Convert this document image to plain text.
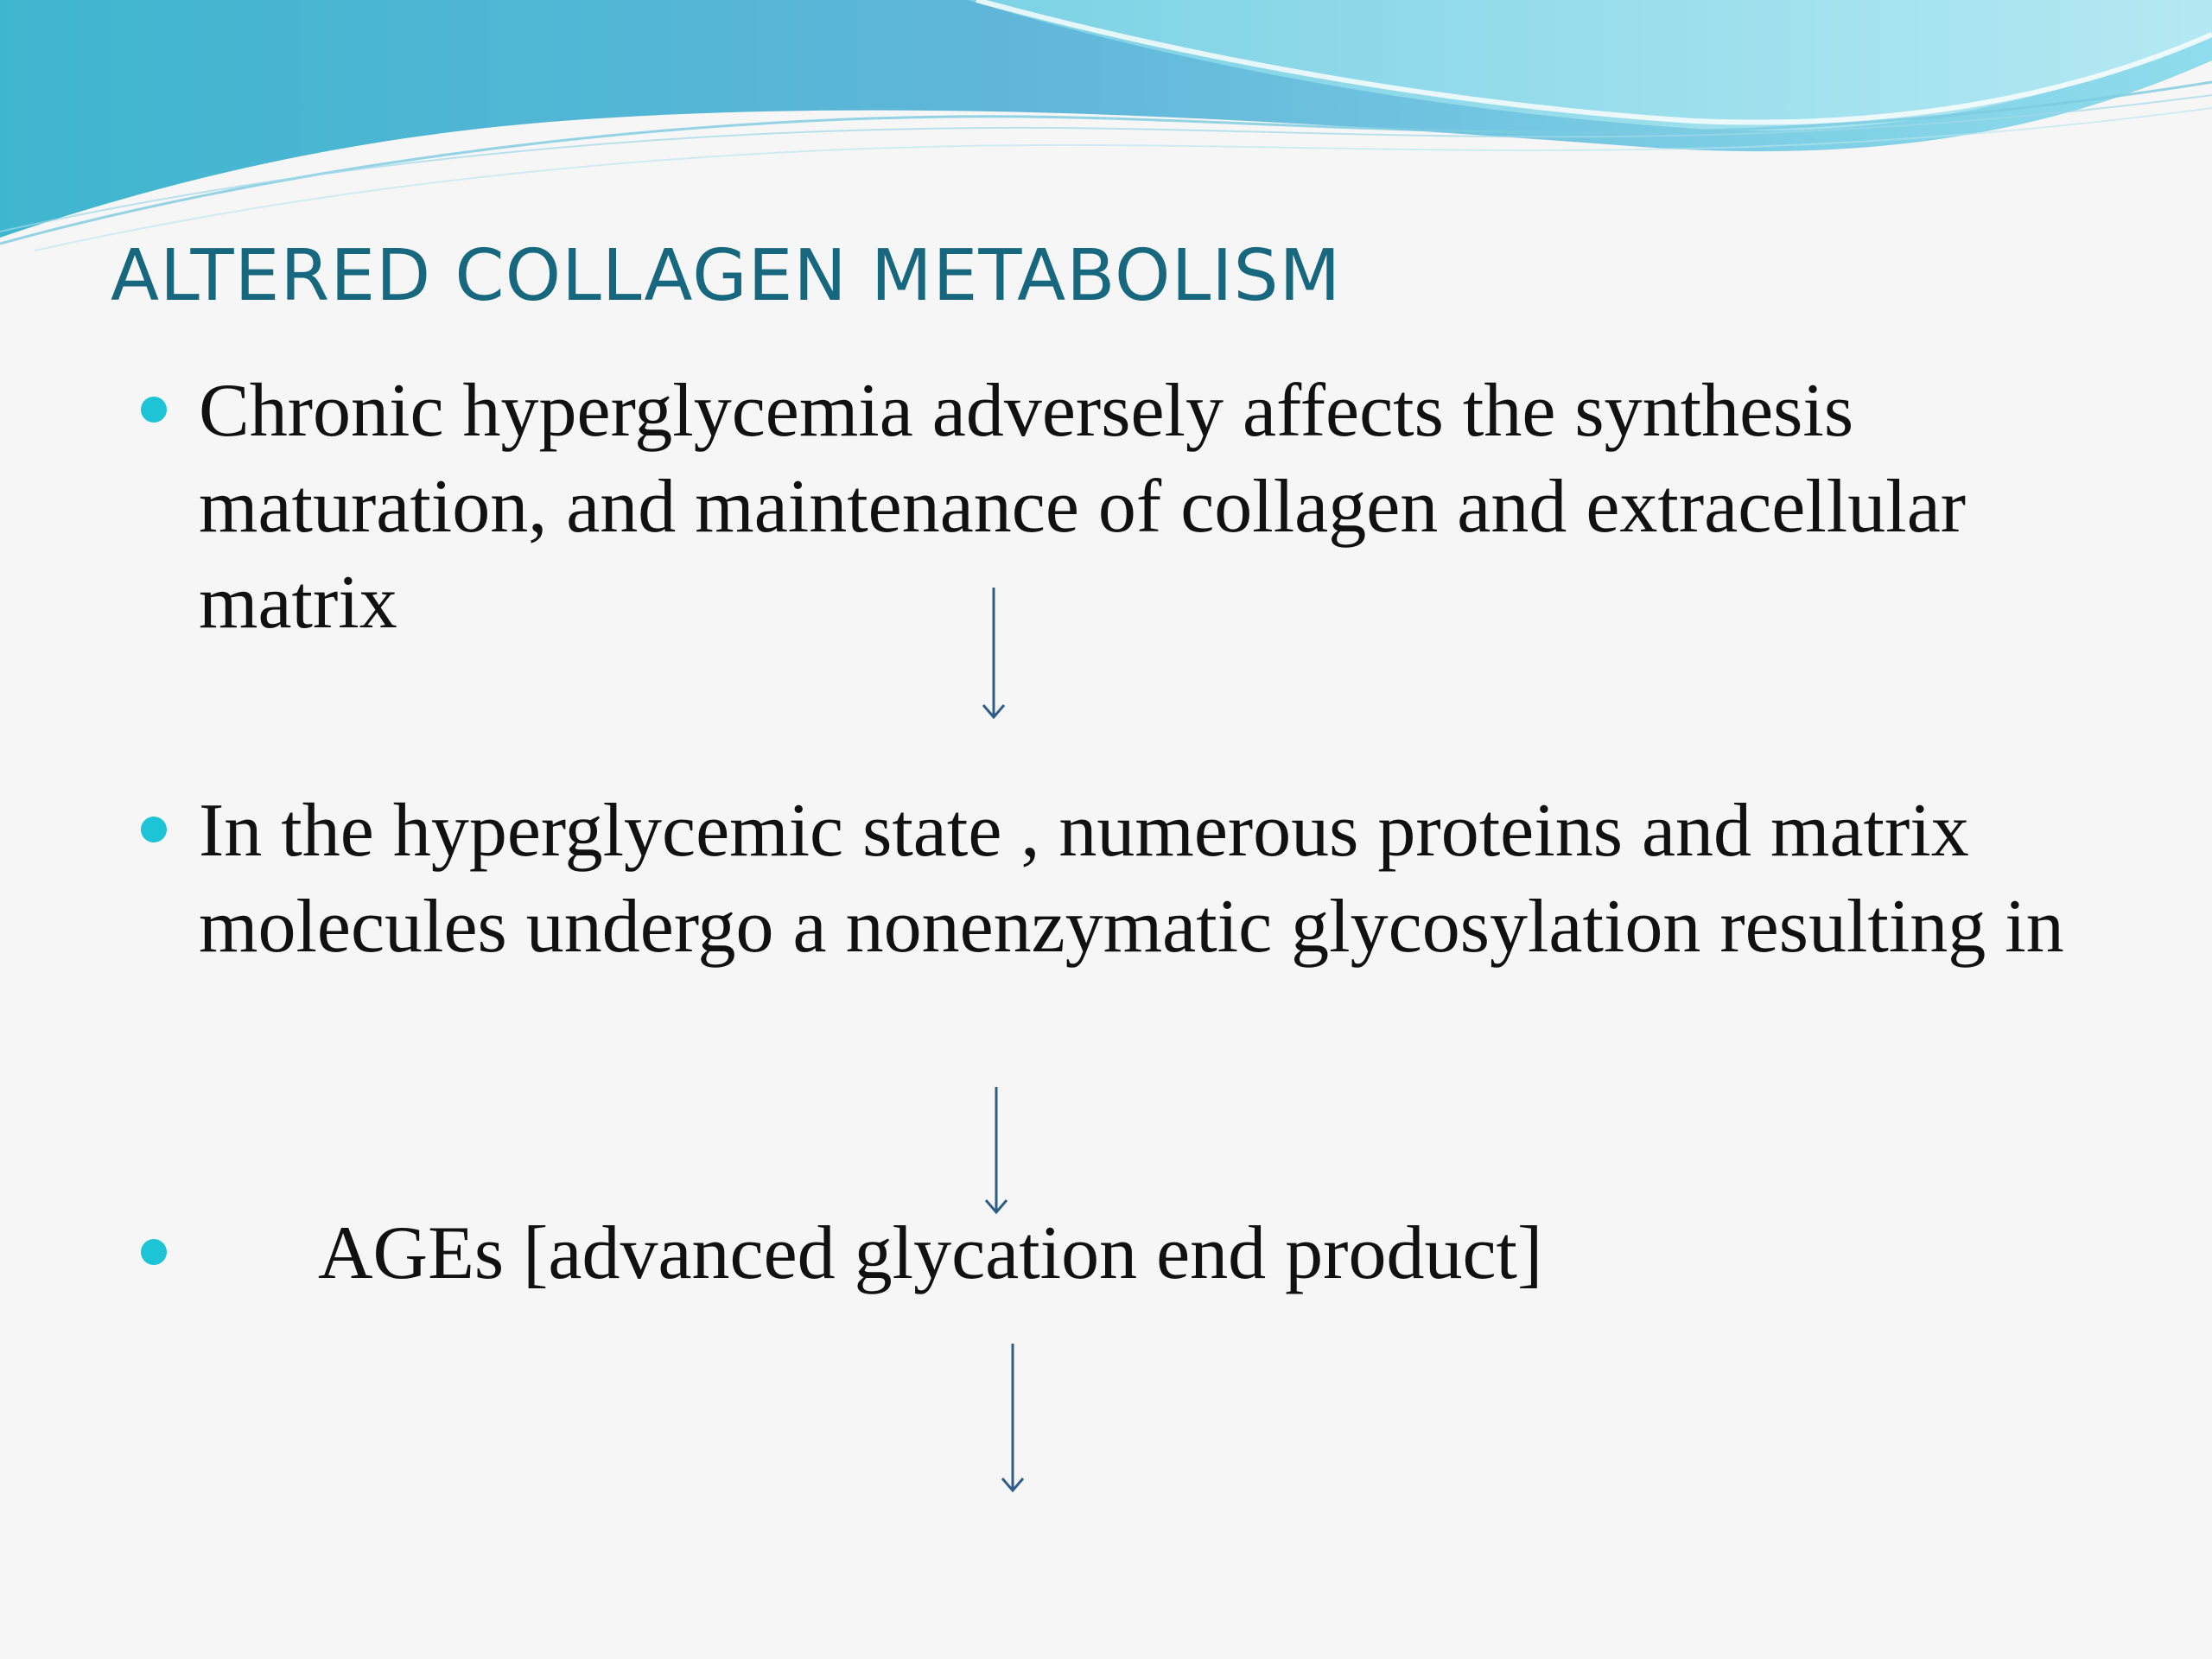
ALTERED COLLAGEN METABOLISM
Chronic hyperglycemia adversely affects the synthesis maturation, and maintenance of collagen and extracellular matrix
In the hyperglycemic state , numerous proteins and matrix molecules undergo a nonenzymatic glycosylation resulting in
AGEs [advanced glycation end product]
